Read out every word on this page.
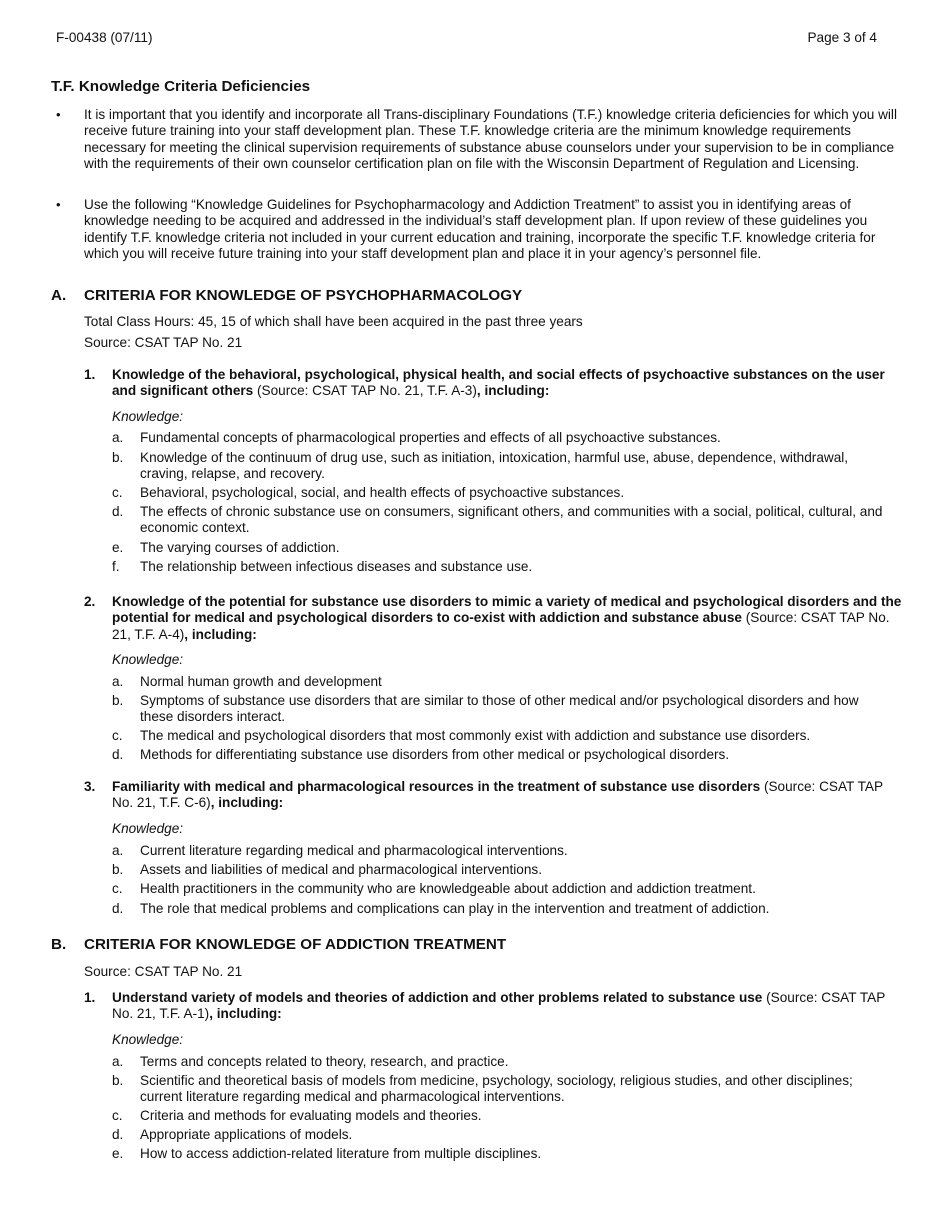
F-00438 (07/11)	Page 3 of 4
T.F. Knowledge Criteria Deficiencies
• It is important that you identify and incorporate all Trans-disciplinary Foundations (T.F.) knowledge criteria deficiencies for which you will receive future training into your staff development plan. These T.F. knowledge criteria are the minimum knowledge requirements necessary for meeting the clinical supervision requirements of substance abuse counselors under your supervision to be in compliance with the requirements of their own counselor certification plan on file with the Wisconsin Department of Regulation and Licensing.
• Use the following “Knowledge Guidelines for Psychopharmacology and Addiction Treatment” to assist you in identifying areas of knowledge needing to be acquired and addressed in the individual’s staff development plan. If upon review of these guidelines you identify T.F. knowledge criteria not included in your current education and training, incorporate the specific T.F. knowledge criteria for which you will receive future training into your staff development plan and place it in your agency’s personnel file.
A. CRITERIA FOR KNOWLEDGE OF PSYCHOPHARMACOLOGY
Total Class Hours: 45, 15 of which shall have been acquired in the past three years
Source: CSAT TAP No. 21
1. Knowledge of the behavioral, psychological, physical health, and social effects of psychoactive substances on the user and significant others (Source: CSAT TAP No. 21, T.F. A-3), including:
Knowledge:
a. Fundamental concepts of pharmacological properties and effects of all psychoactive substances.
b. Knowledge of the continuum of drug use, such as initiation, intoxication, harmful use, abuse, dependence, withdrawal, craving, relapse, and recovery.
c. Behavioral, psychological, social, and health effects of psychoactive substances.
d. The effects of chronic substance use on consumers, significant others, and communities with a social, political, cultural, and economic context.
e. The varying courses of addiction.
f. The relationship between infectious diseases and substance use.
2. Knowledge of the potential for substance use disorders to mimic a variety of medical and psychological disorders and the potential for medical and psychological disorders to co-exist with addiction and substance abuse (Source: CSAT TAP No. 21, T.F. A-4), including:
Knowledge:
a. Normal human growth and development
b. Symptoms of substance use disorders that are similar to those of other medical and/or psychological disorders and how these disorders interact.
c. The medical and psychological disorders that most commonly exist with addiction and substance use disorders.
d. Methods for differentiating substance use disorders from other medical or psychological disorders.
3. Familiarity with medical and pharmacological resources in the treatment of substance use disorders (Source: CSAT TAP No. 21, T.F. C-6), including:
Knowledge:
a. Current literature regarding medical and pharmacological interventions.
b. Assets and liabilities of medical and pharmacological interventions.
c. Health practitioners in the community who are knowledgeable about addiction and addiction treatment.
d. The role that medical problems and complications can play in the intervention and treatment of addiction.
B. CRITERIA FOR KNOWLEDGE OF ADDICTION TREATMENT
Source: CSAT TAP No. 21
1. Understand variety of models and theories of addiction and other problems related to substance use (Source: CSAT TAP No. 21, T.F. A-1), including:
Knowledge:
a. Terms and concepts related to theory, research, and practice.
b. Scientific and theoretical basis of models from medicine, psychology, sociology, religious studies, and other disciplines; current literature regarding medical and pharmacological interventions.
c. Criteria and methods for evaluating models and theories.
d. Appropriate applications of models.
e. How to access addiction-related literature from multiple disciplines.
